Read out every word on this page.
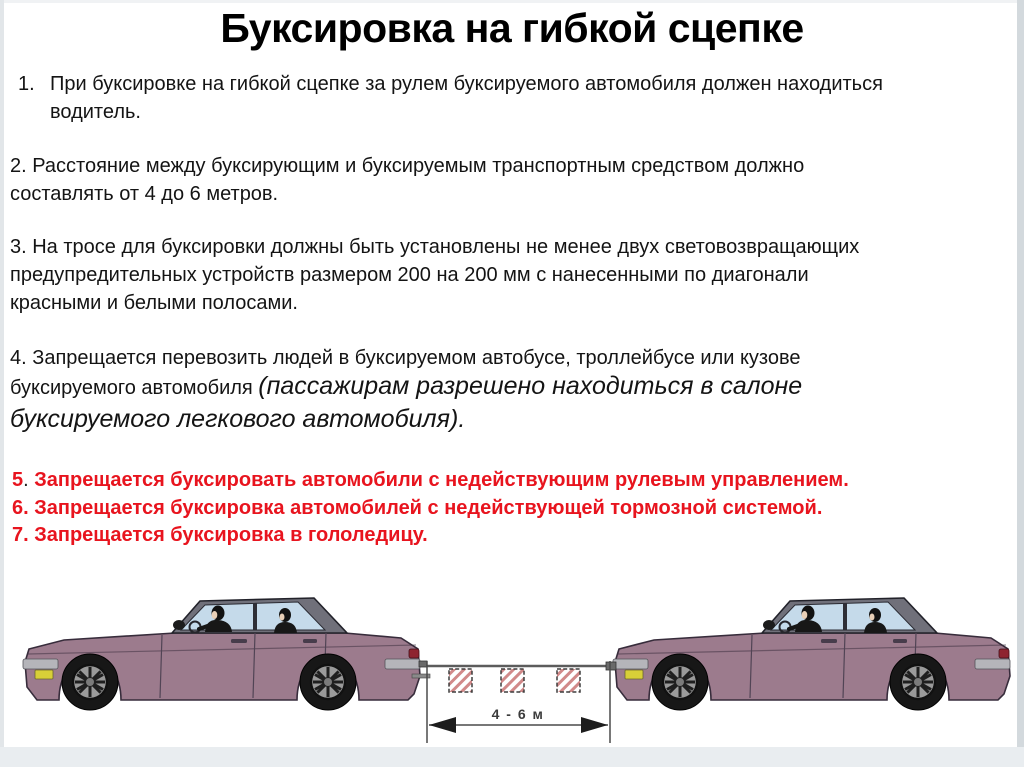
Буксировка на гибкой сцепке
1. При буксировке на гибкой сцепке за рулем буксируемого автомобиля должен находиться
водитель.
2. Расстояние между буксирующим и буксируемым транспортным средством должно
составлять от 4 до 6 метров.
3. На тросе для буксировки должны быть установлены не менее двух световозвращающих
предупредительных устройств размером 200 на 200 мм с нанесенными по диагонали
красными и белыми полосами.
4. Запрещается перевозить людей в буксируемом автобусе, троллейбусе или кузове
буксируемого автомобиля (пассажирам разрешено находиться в салоне
буксируемого легкового автомобиля).
5. Запрещается буксировать автомобили с недействующим рулевым управлением.
6. Запрещается буксировка автомобилей с недействующей тормозной системой.
7. Запрещается буксировка в гололедицу.
4 - 6 м
